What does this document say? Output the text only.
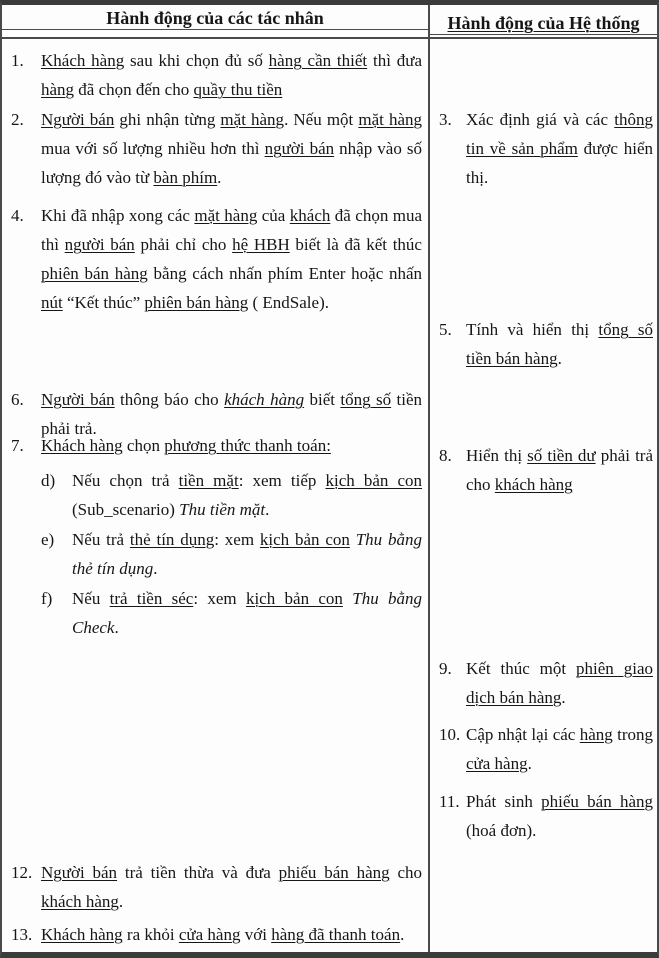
Hành động của các tác nhân	Hành động của Hệ thống
1. Khách hàng sau khi chọn đủ số hàng cần thiết thì đưa hàng đã chọn đến cho quầy thu tiền
2. Người bán ghi nhận từng mặt hàng. Nếu một mặt hàng mua với số lượng nhiều hơn thì người bán nhập vào số lượng đó vào từ bàn phím.
4. Khi đã nhập xong các mặt hàng của khách đã chọn mua thì người bán phải chỉ cho hệ HBH biết là đã kết thúc phiên bán hàng bằng cách nhấn phím Enter hoặc nhấn nút “Kết thúc” phiên bán hàng ( EndSale).
6. Người bán thông báo cho khách hàng biết tổng số tiền phải trả.
7. Khách hàng chọn phương thức thanh toán:
d) Nếu chọn trả tiền mặt: xem tiếp kịch bản con (Sub_scenario) Thu tiền mặt.
e) Nếu trả thẻ tín dụng: xem kịch bản con Thu bằng thẻ tín dụng.
f) Nếu trả tiền séc: xem kịch bản con Thu bằng Check.
12. Người bán trả tiền thừa và đưa phiếu bán hàng cho khách hàng.
13. Khách hàng ra khỏi cửa hàng với hàng đã thanh toán.
3. Xác định giá và các thông tin về sản phẩm được hiển thị.
5. Tính và hiển thị tổng số tiền bán hàng.
8. Hiển thị số tiền dư phải trả cho khách hàng
9. Kết thúc một phiên giao dịch bán hàng.
10. Cập nhật lại các hàng trong cửa hàng.
11. Phát sinh phiếu bán hàng (hoá đơn).
